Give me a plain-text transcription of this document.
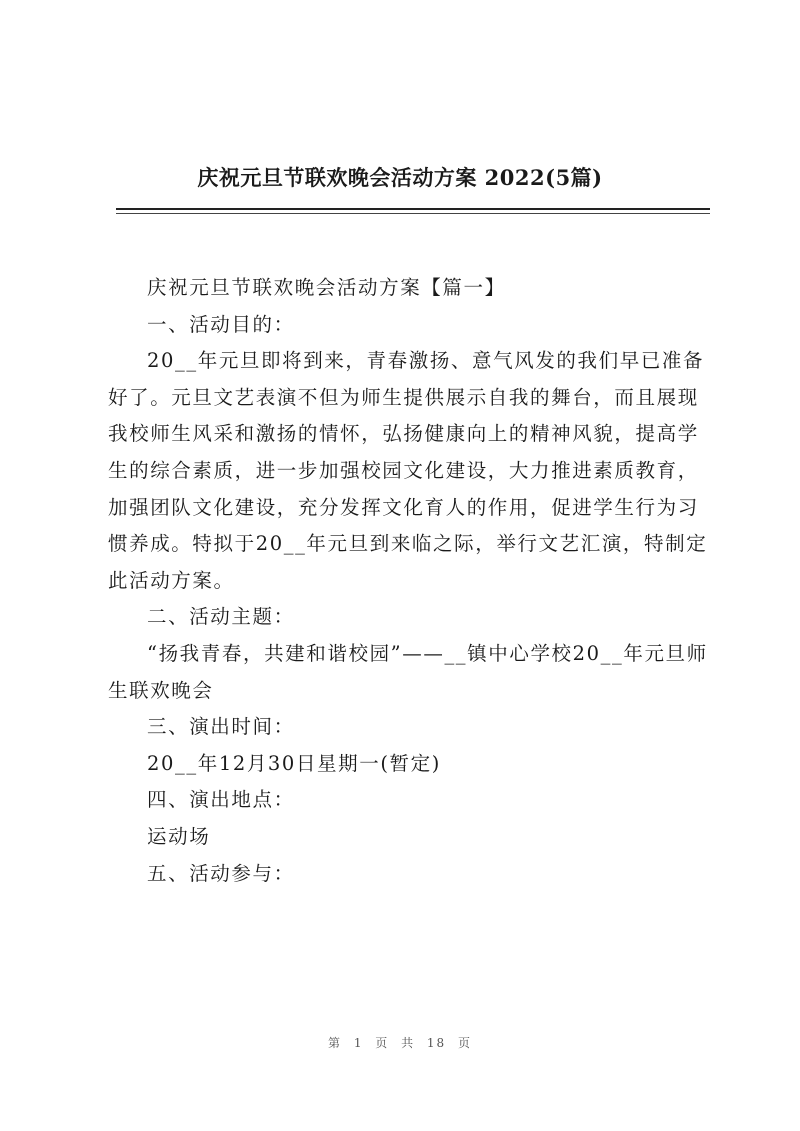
庆祝元旦节联欢晚会活动方案 2022(5篇)

庆祝元旦节联欢晚会活动方案【篇一】

一、活动目的：

20__年元旦即将到来，青春激扬、意气风发的我们早已准备好了。元旦文艺表演不但为师生提供展示自我的舞台，而且展现我校师生风采和激扬的情怀，弘扬健康向上的精神风貌，提高学生的综合素质，进一步加强校园文化建设，大力推进素质教育，加强团队文化建设，充分发挥文化育人的作用，促进学生行为习惯养成。特拟于20__年元旦到来临之际，举行文艺汇演，特制定此活动方案。

二、活动主题：

“扬我青春，共建和谐校园”——__镇中心学校20__年元旦师生联欢晚会

三、演出时间：

20__年12月30日星期一(暂定)

四、演出地点：

运动场

五、活动参与：

第 1 页 共 18 页
